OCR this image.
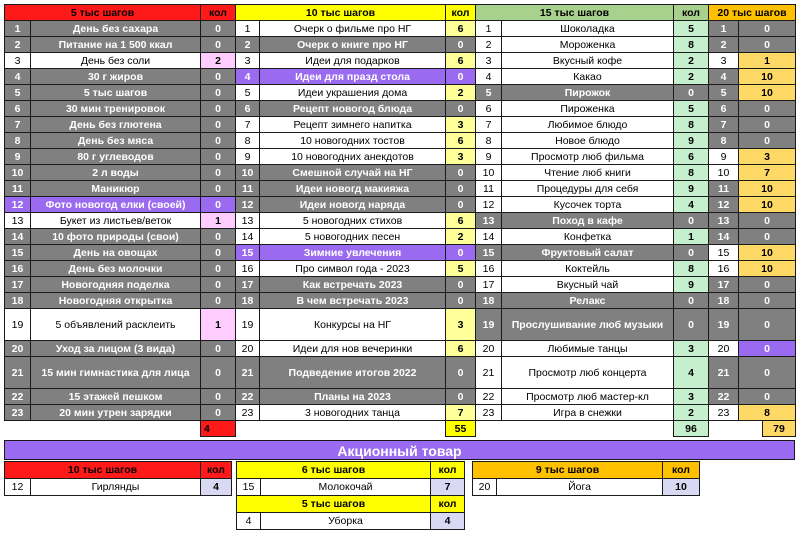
5 тыс шагов		кол	10 тыс шагов		кол	15 тыс шагов		кол	20 тыс шагов		
1	День без сахара	0	1	Очерк о фильме про НГ	6	1	Шоколадка	5	1	0	
2	Питание на 1 500 ккал	0	2	Очерк о книге про НГ	0	2	Мороженка	8	2	0	
3	День без соли	2	3	Идеи для подарков	6	3	Вкусный кофе	2	3	1	
4	30 г жиров	0	4	Идеи для празд стола	0	4	Какао	2	4	10	
5	5 тыс шагов	0	5	Идеи украшения дома	2	5	Пирожок	0	5	10	
6	30 мин тренировок	0	6	Рецепт новогод блюда	0	6	Пироженка	5	6	0	
7	День без глютена	0	7	Рецепт зимнего напитка	3	7	Любимое блюдо	8	7	0	
8	День без мяса	0	8	10 новогодних тостов	6	8	Новое блюдо	9	8	0	
9	80 г углеводов	0	9	10 новогодних анекдотов	3	9	Просмотр люб фильма	6	9	3	
10	2 л воды	0	10	Смешной случай на НГ	0	10	Чтение люб книги	8	10	7	
11	Маникюр	0	11	Идеи новогд макияжа	0	11	Процедуры для себя	9	11	10	
12	Фото новогод елки (своей)	0	12	Идеи новогд наряда	0	12	Кусочек торта	4	12	10	
13	Букет из листьев/веток	1	13	5 новогодних стихов	6	13	Поход в кафе	0	13	0	
14	10 фото природы (свои)	0	14	5 новогодних песен	2	14	Конфетка	1	14	0	
15	День на овощах	0	15	Зимние увлечения	0	15	Фруктовый салат	0	15	10	
16	День без молочки	0	16	Про символ года - 2023	5	16	Коктейль	8	16	10	
17	Новогодняя поделка	0	17	Как встречать 2023	0	17	Вкусный чай	9	17	0	
18	Новогодняя открытка	0	18	В чем встречать 2023	0	18	Релакс	0	18	0	
19	5 объявлений расклеить	1	19	Конкурсы на НГ	3	19	Прослушивание люб музыки	0	19	0	
20	Уход за лицом (3 вида)	0	20	Идеи для нов вечеринки	6	20	Любимые танцы	3	20	0	
21	15 мин гимнастика для лица	0	21	Подведение итогов 2022	0	21	Просмотр люб концерта	4	21	0	
22	15 этажей пешком	0	22	Планы на 2023	0	22	Просмотр люб мастер-кл	3	22	0	
23	20 мин утрен зарядки	0	23	3 новогодних танца	7	23	Игра в снежки	2	23	8	
		4			55			96			79
Акционный товар
10 тыс шагов		кол
12	Гирлянды	4
6 тыс шагов		кол
15	Молокочай	7
9 тыс шагов		кол
20	Йога	10
5 тыс шагов		кол
4	Уборка	4
